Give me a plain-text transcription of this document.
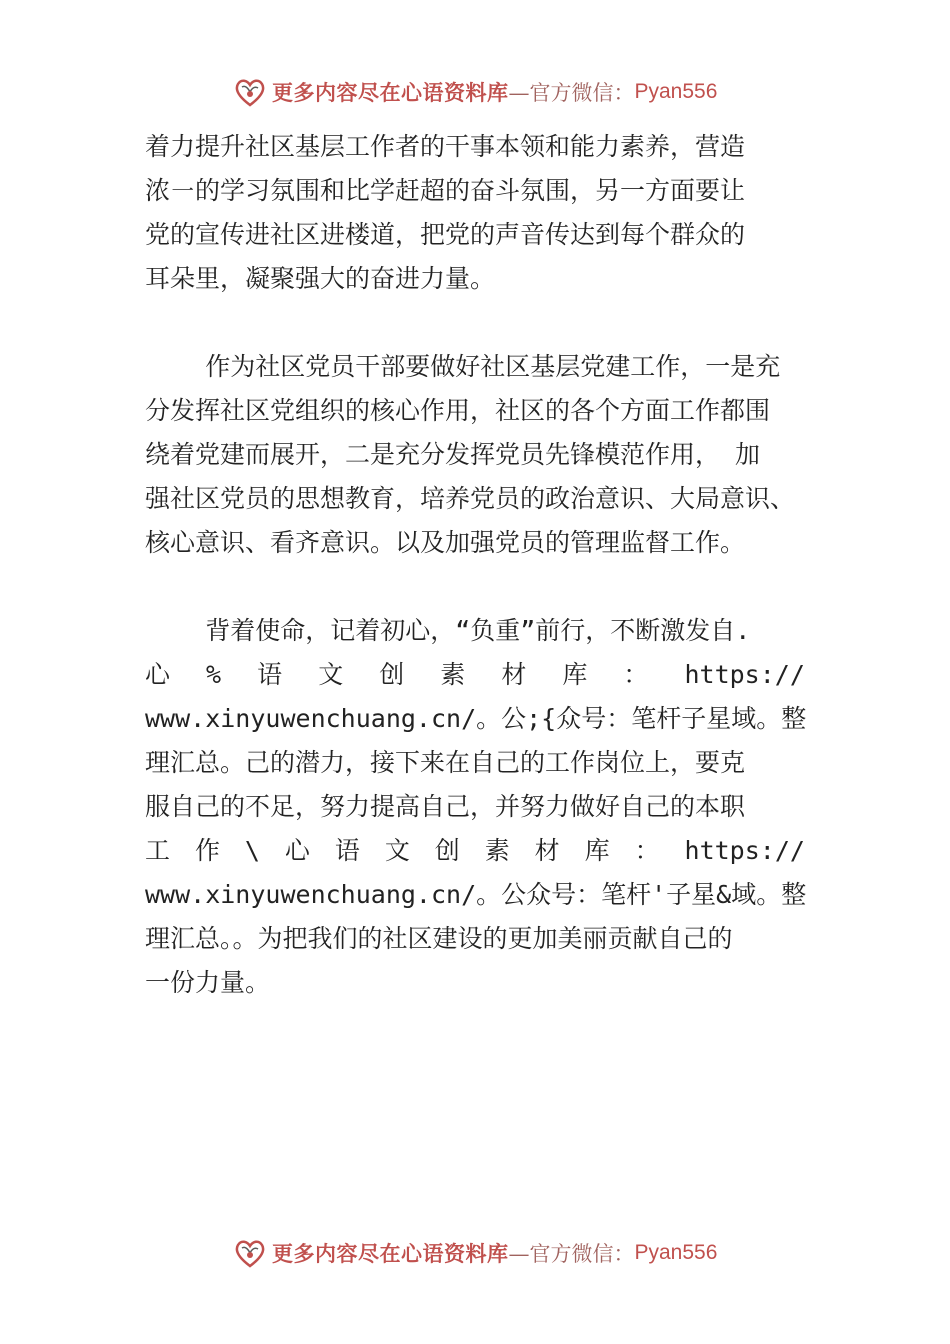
更多内容尽在心语资料库 —官方微信： Pyan556
着力提升社区基层工作者的干事本领和能力素养，营造
浓㇐的学习氛围和比学赶超的奋斗氛围，另一方面要让
党的宣传进社区进楼道，把党的声音传达到每个群众的
耳朵里，凝聚强大的奋进力量。
作为社区党员干部要做好社区基层党建工作，一是充
分发挥社区党组织的核心作用，社区的各个方面工作都围
绕着党建而展开，二是充分发挥党员先锋模范作用， 加
强社区党员的思想教育，培养党员的政治意识、大局意识、
核心意识、看齐意识。以及加强党员的管理监督工作。
背着使命，记着初心，“负重”前行，不断激发自.
心 % 语 文 创 素 材 库 ： https://
www.xinyuwenchuang.cn/。公;{众号：笔杆子星域。整
理汇总。己的潜力，接下来在自己的工作岗位上，要克
服自己的不足，努力提高自己，并努力做好自己的本职
工 作 \ 心 语 文 创 素 材 库 ： https://
www.xinyuwenchuang.cn/。公众号：笔杆'子星&域。整
理汇总。。为把我们的社区建设的更加美丽贡献自己的
一份力量。
更多内容尽在心语资料库 —官方微信： Pyan556
